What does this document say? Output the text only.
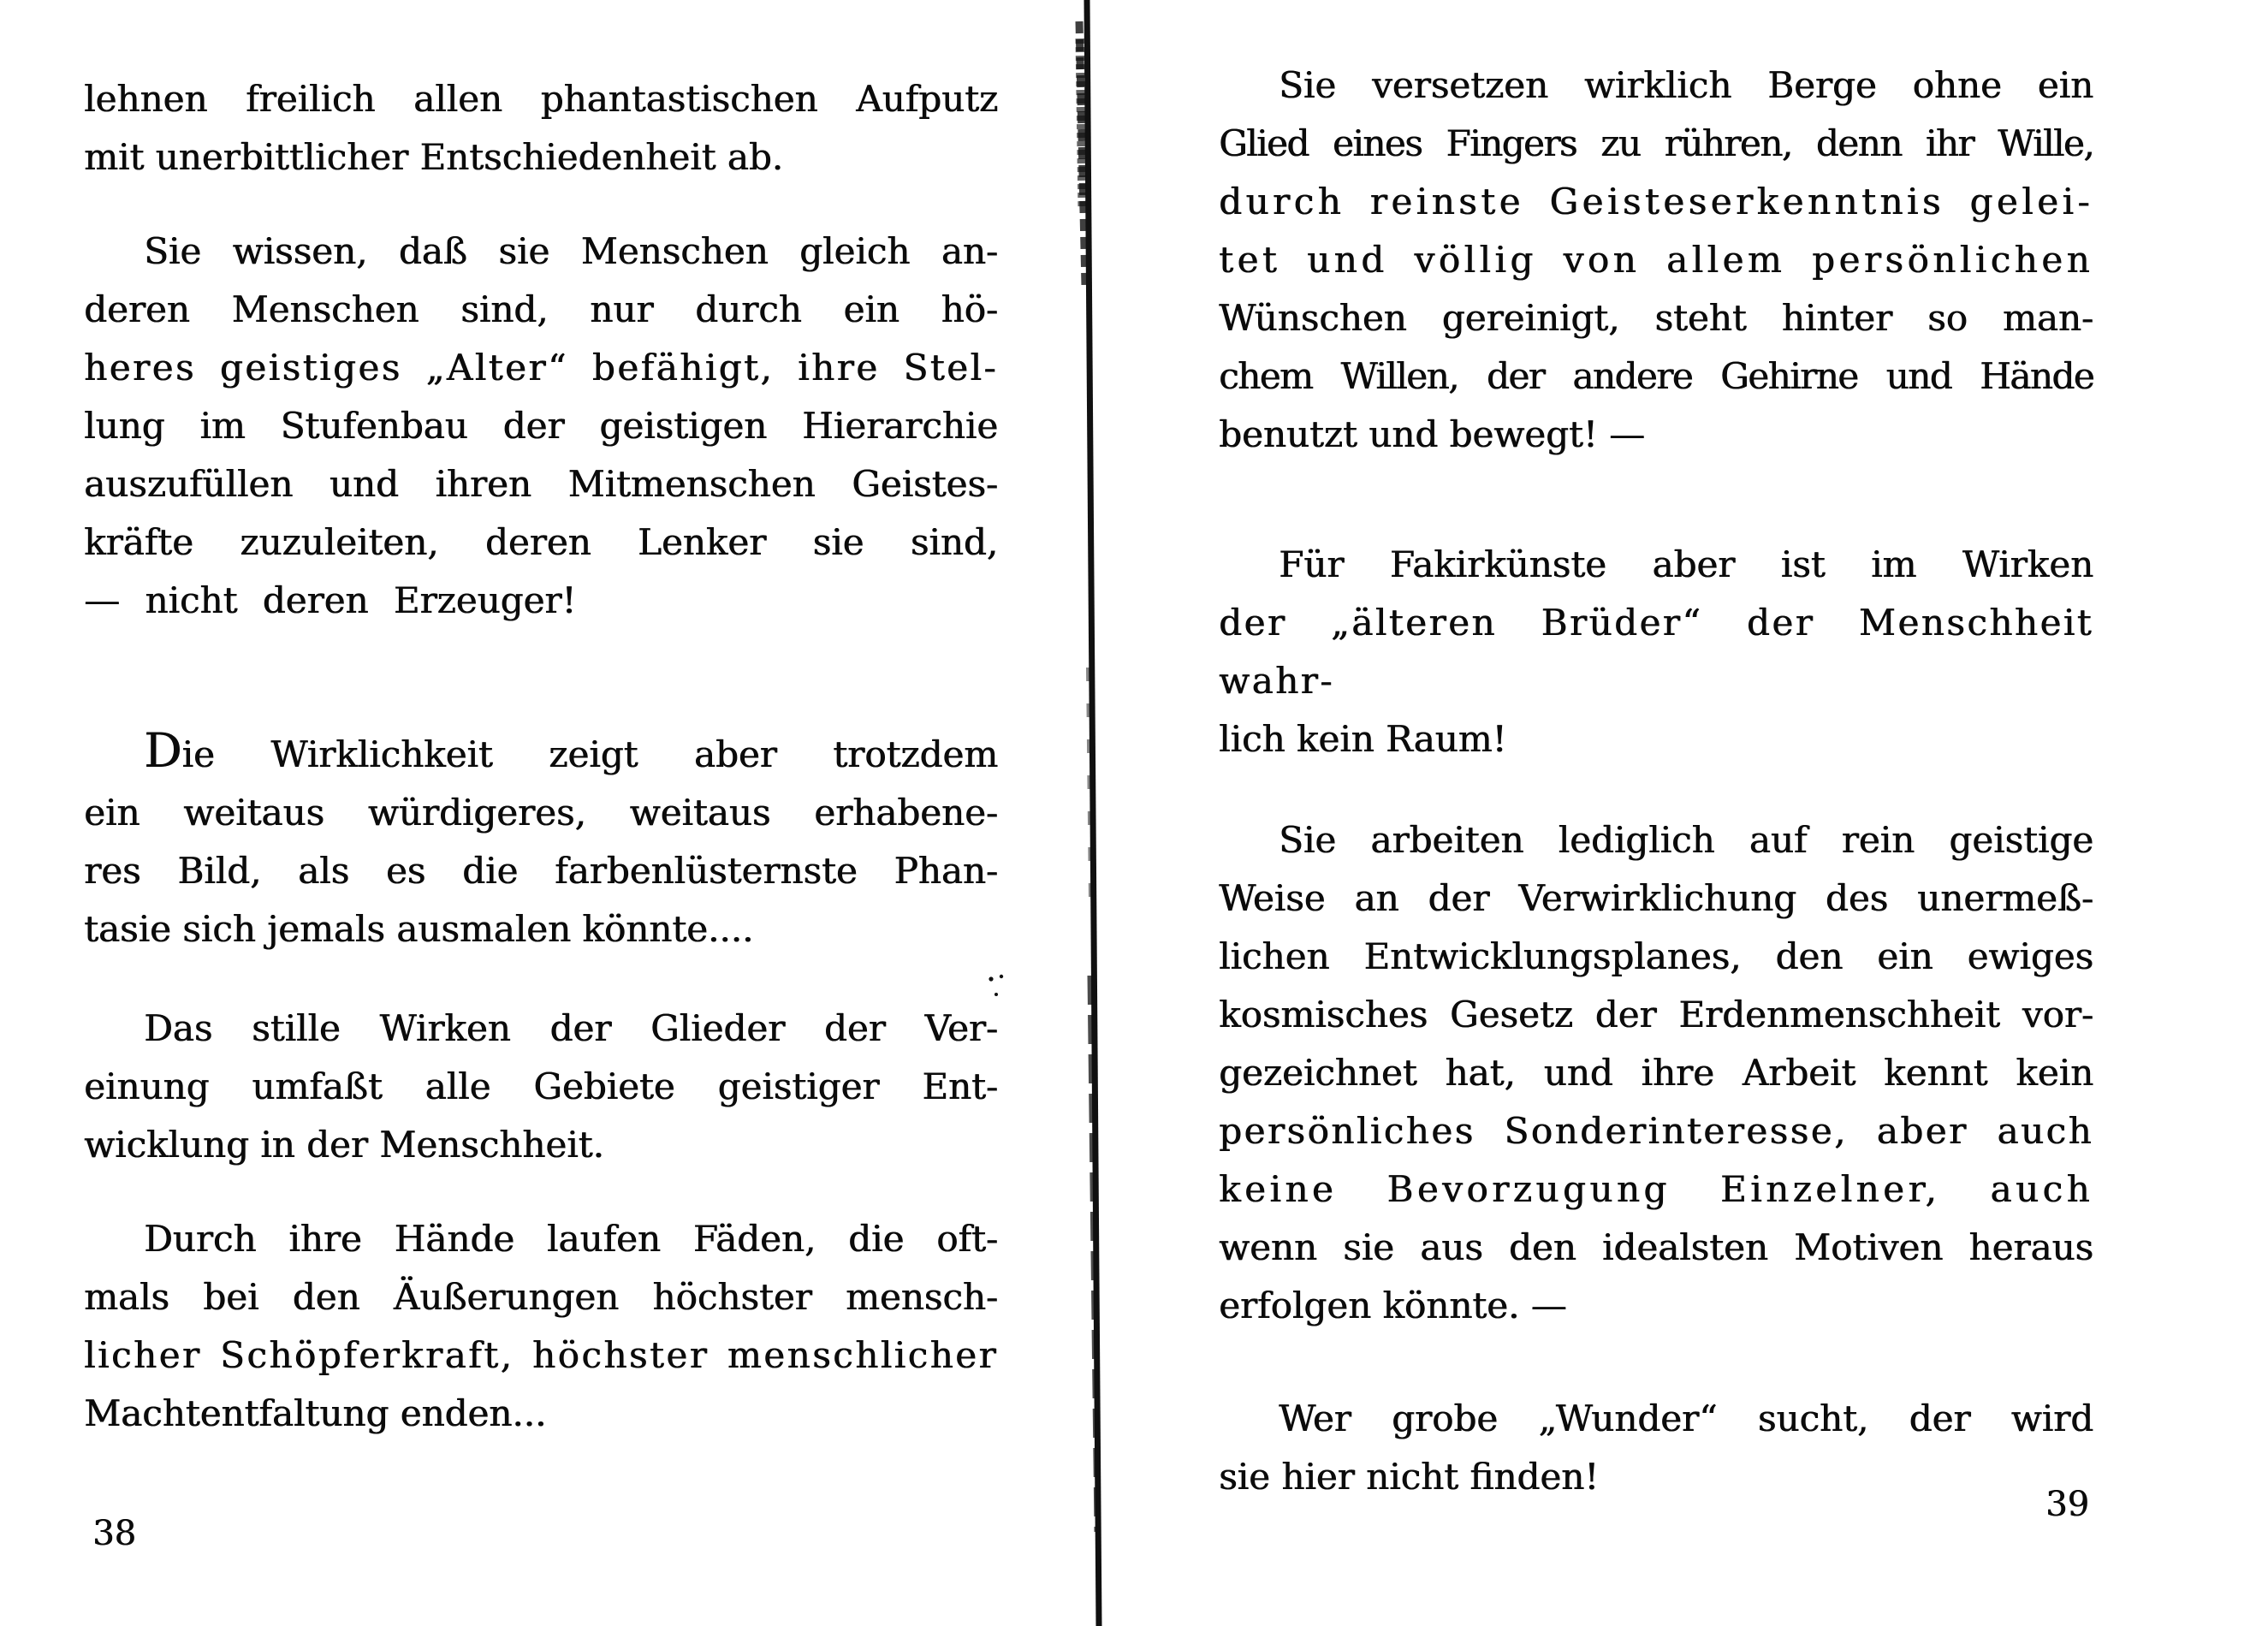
lehnen freilich allen phantastischen Aufputz
mit unerbittlicher Entschiedenheit ab.
Sie wissen, daß sie Menschen gleich an-
deren Menschen sind, nur durch ein hö-
heres geistiges „Alter“ befähigt, ihre Stel-
lung im Stufenbau der geistigen Hierarchie
auszufüllen und ihren Mitmenschen Geistes-
kräfte zuzuleiten, deren Lenker sie sind,
— nicht deren Erzeuger!
Die Wirklichkeit zeigt aber trotzdem
ein weitaus würdigeres, weitaus erhabene-
res Bild, als es die farbenlüsternste Phan-
tasie sich jemals ausmalen könnte....
Das stille Wirken der Glieder der Ver-
einung umfaßt alle Gebiete geistiger Ent-
wicklung in der Menschheit.
Durch ihre Hände laufen Fäden, die oft-
mals bei den Äußerungen höchster mensch-
licher Schöpferkraft, höchster menschlicher
Machtentfaltung enden...
Sie versetzen wirklich Berge ohne ein
Glied eines Fingers zu rühren, denn ihr Wille,
durch reinste Geisteserkenntnis gelei-
tet und völlig von allem persönlichen
Wünschen gereinigt, steht hinter so man-
chem Willen, der andere Gehirne und Hände
benutzt und bewegt! —
Für Fakirkünste aber ist im Wirken
der „älteren Brüder“ der Menschheit wahr-
lich kein Raum!
Sie arbeiten lediglich auf rein geistige
Weise an der Verwirklichung des unermeß-
lichen Entwicklungsplanes, den ein ewiges
kosmisches Gesetz der Erdenmenschheit vor-
gezeichnet hat, und ihre Arbeit kennt kein
persönliches Sonderinteresse, aber auch
keine Bevorzugung Einzelner, auch
wenn sie aus den idealsten Motiven heraus
erfolgen könnte. —
Wer grobe „Wunder“ sucht, der wird
sie hier nicht finden!
38
39
